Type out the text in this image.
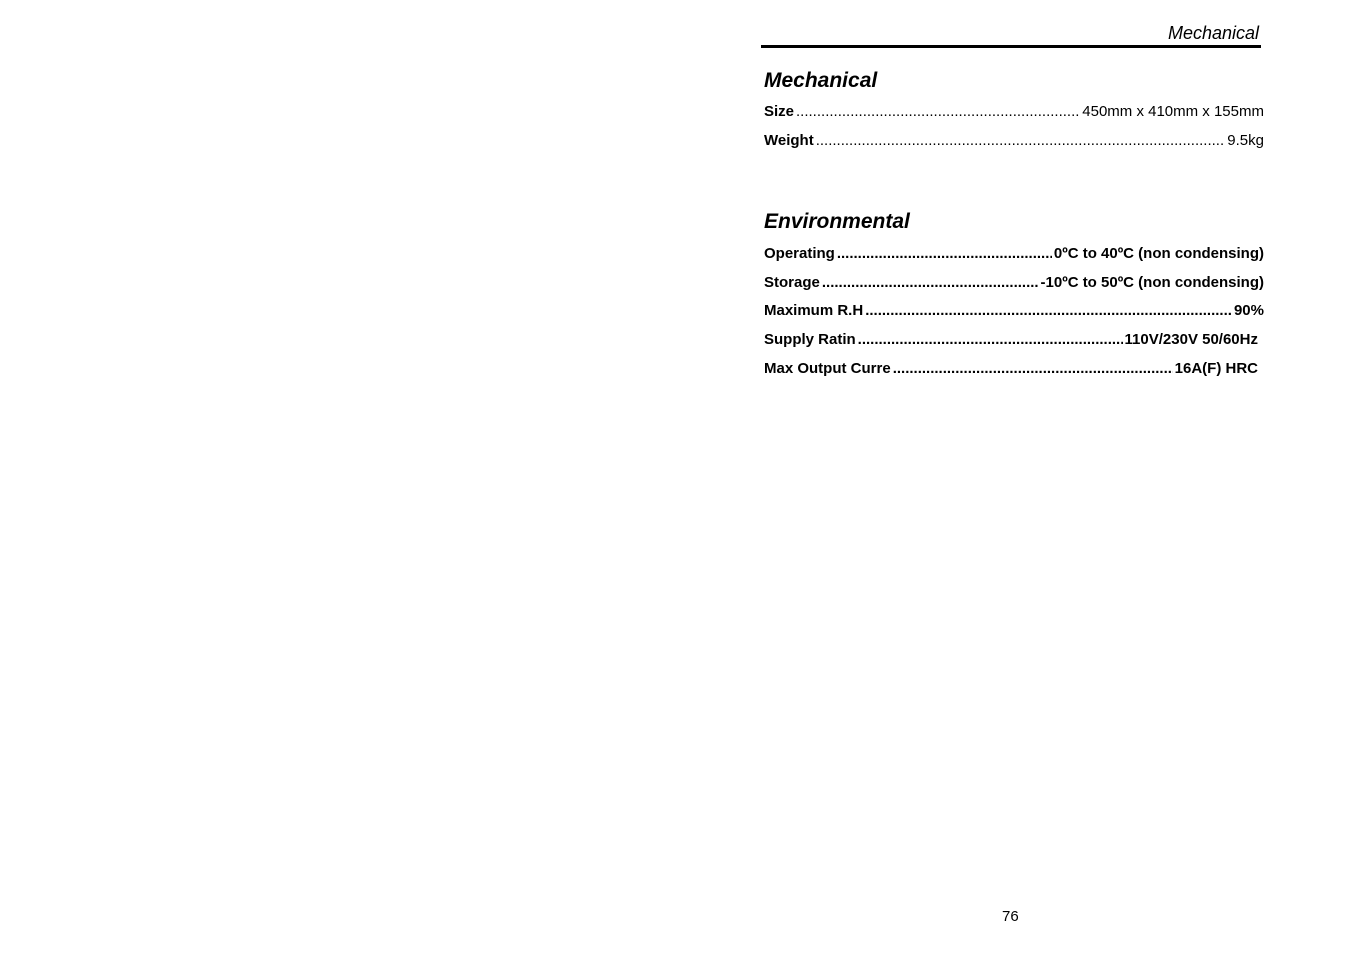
Mechanical
Mechanical
Size .....	450mm x 410mm x 155mm
Weight .....	9.5kg
Environmental
Operating .....	0ºC to 40ºC (non condensing)
Storage .....	-10ºC to 50ºC (non condensing)
Maximum R.H .....	90%
Supply Ratin .....	110V/230V 50/60Hz
Max Output Curre .....	16A(F) HRC
76
